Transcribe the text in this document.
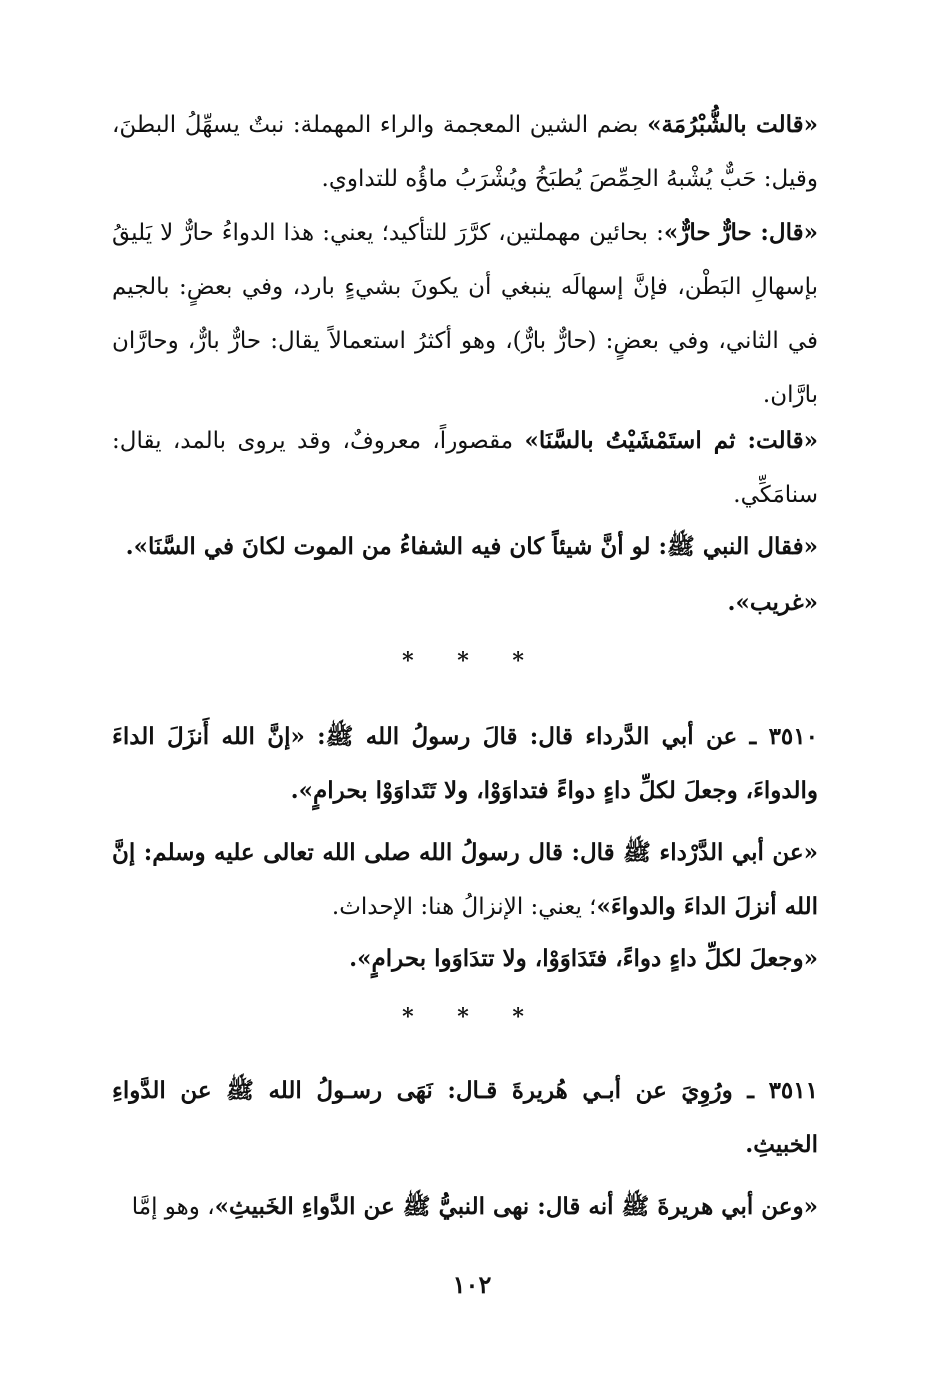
«قالت بالشُّبْرُمَة» بضم الشين المعجمة والراء المهملة: نبتٌ يسهِّلُ البطنَ، وقيل: حَبٌّ يُشْبهُ الحِمِّصَ يُطبَخُ ويُشْرَبُ ماؤُه للتداوي.

«قال: حارٌّ حارٌّ»: بحائين مهملتين، كرَّرَ للتأكيد؛ يعني: هذا الدواءُ حارٌّ لا يَليقُ بإسهالِ البَطْن، فإنَّ إسهالَه ينبغي أن يكونَ بشيءٍ بارد، وفي بعضٍ: بالجيم في الثاني، وفي بعضٍ: (حارٌّ بارٌّ)، وهو أكثرُ استعمالاً يقال: حارٌّ بارٌّ، وحارَّان بارَّان.

«قالت: ثم استَمْشَيْتُ بالسَّنَا» مقصوراً، معروفٌ، وقد يروى بالمد، يقال: سنامَكِّي.

«فقال النبي ﷺ: لو أنَّ شيئاً كان فيه الشفاءُ من الموت لكانَ في السَّنَا».

«غريب».

* * *

٣٥١٠ ـ عن أبي الدَّرداء قال: قالَ رسولُ الله ﷺ: «إنَّ الله أَنزَلَ الداءَ والدواءَ، وجعلَ لكلِّ داءٍ دواءً فتداوَوْا، ولا تَتَداوَوْا بحرامٍ».

«عن أبي الدَّرْداء ﷺ قال: قال رسولُ الله صلى الله تعالى عليه وسلم: إنَّ الله أنزلَ الداءَ والدواءَ»؛ يعني: الإنزالُ هنا: الإحداث.

«وجعلَ لكلِّ داءٍ دواءً، فتَدَاوَوْا، ولا تتدَاوَوا بحرامٍ».

* * *

٣٥١١ ـ ورُوِيَ عن أبـي هُريرةَ قـال: نَهَى رسـولُ الله ﷺ عن الدَّواءِ الخبيثِ.

«وعن أبي هريرةَ ﷺ أنه قال: نهى النبيُّ ﷺ عن الدَّواءِ الخَبيثِ»، وهو إمَّا

١٠٢
